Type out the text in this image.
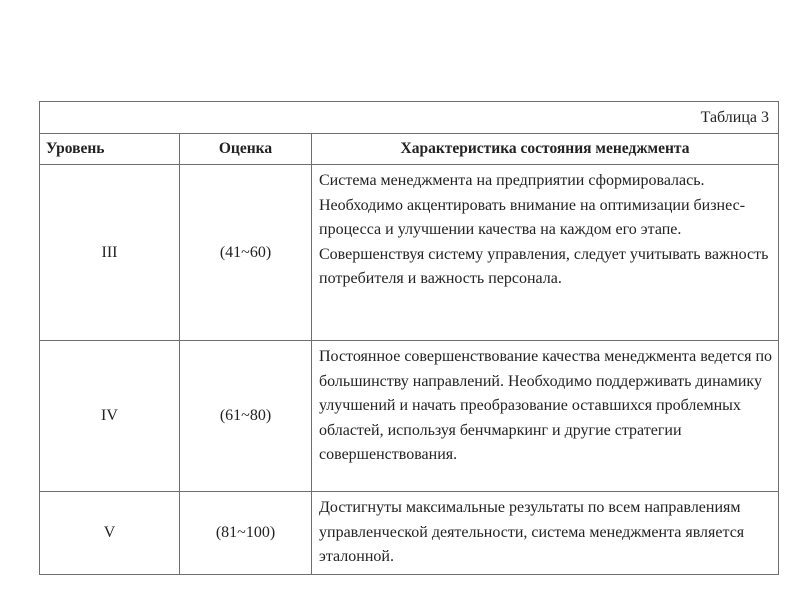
Таблица 3		
Уровень	Оценка	Характеристика состояния менеджмента
III	(41~60)	Система менеджмента на предприятии сформировалась. Необходимо акцентировать внимание на оптимизации бизнес-процесса и улучшении качества на каждом его этапе. Совершенствуя систему управления, следует учитывать важность потребителя и важность персонала.
IV	(61~80)	Постоянное совершенствование качества менеджмента ведется по большинству направлений. Необходимо поддерживать динамику улучшений и начать преобразование оставшихся проблемных областей, используя бенчмаркинг и другие стратегии совершенствования.
V	(81~100)	Достигнуты максимальные результаты по всем направлениям управленческой деятельности, система менеджмента является эталонной.
